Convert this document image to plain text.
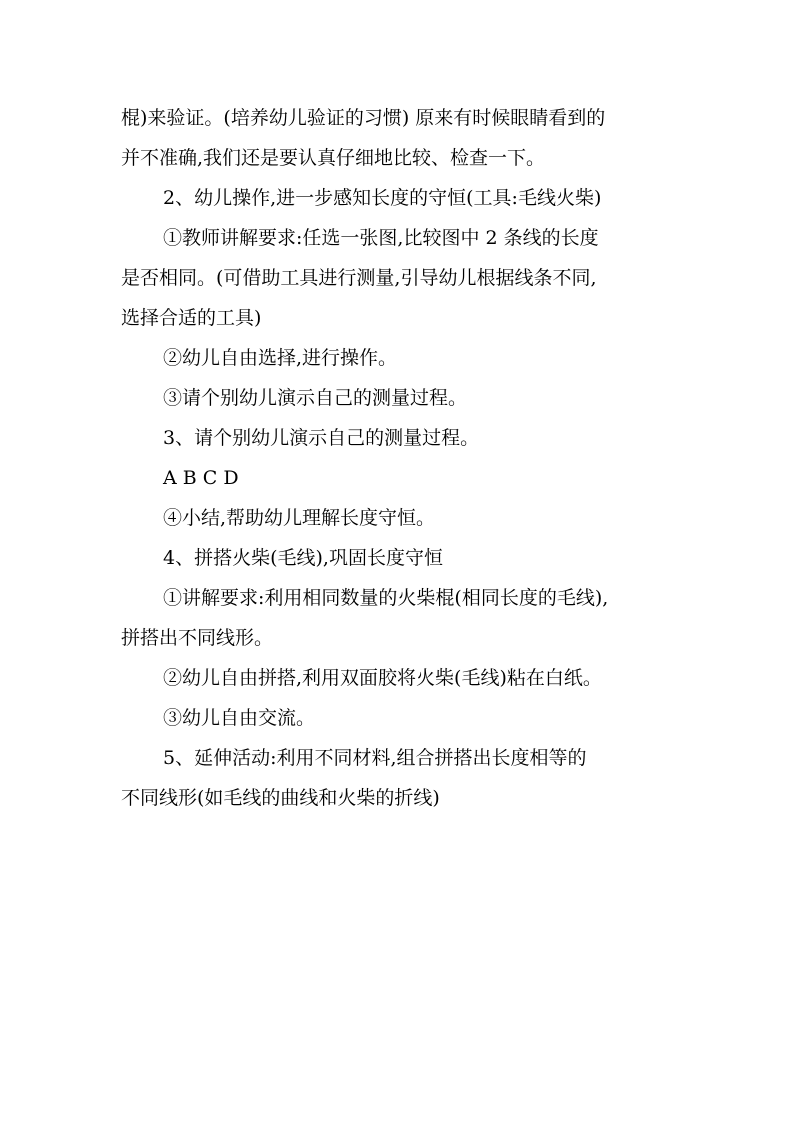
棍)来验证。(培养幼儿验证的习惯) 原来有时候眼睛看到的

并不准确,我们还是要认真仔细地比较、检查一下。

2、幼儿操作,进一步感知长度的守恒(工具:毛线火柴)

①教师讲解要求:任选一张图,比较图中 2 条线的长度

是否相同。(可借助工具进行测量,引导幼儿根据线条不同,

选择合适的工具)

②幼儿自由选择,进行操作。

③请个别幼儿演示自己的测量过程。

3、请个别幼儿演示自己的测量过程。

A B C D

④小结,帮助幼儿理解长度守恒。

4、拼搭火柴(毛线),巩固长度守恒

①讲解要求:利用相同数量的火柴棍(相同长度的毛线),

拼搭出不同线形。

②幼儿自由拼搭,利用双面胶将火柴(毛线)粘在白纸。

③幼儿自由交流。

5、延伸活动:利用不同材料,组合拼搭出长度相等的

不同线形(如毛线的曲线和火柴的折线)
